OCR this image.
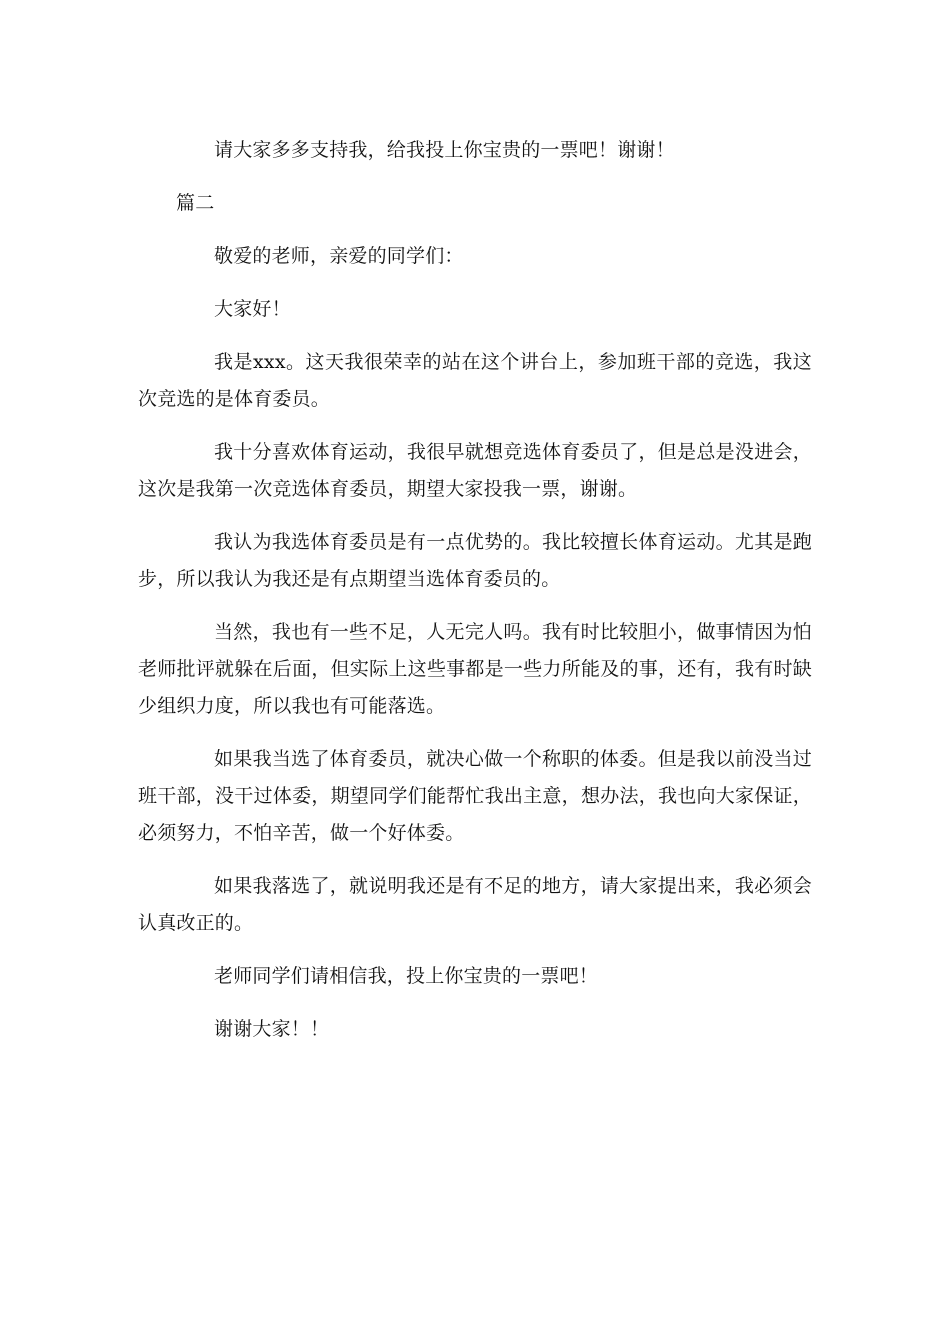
请大家多多支持我，给我投上你宝贵的一票吧！谢谢！

篇二

敬爱的老师，亲爱的同学们：

大家好！

我是xxx。这天我很荣幸的站在这个讲台上，参加班干部的竞选，我这次竞选的是体育委员。

我十分喜欢体育运动，我很早就想竞选体育委员了，但是总是没进会，这次是我第一次竞选体育委员，期望大家投我一票，谢谢。

我认为我选体育委员是有一点优势的。我比较擅长体育运动。尤其是跑步，所以我认为我还是有点期望当选体育委员的。

当然，我也有一些不足，人无完人吗。我有时比较胆小，做事情因为怕老师批评就躲在后面，但实际上这些事都是一些力所能及的事，还有，我有时缺少组织力度，所以我也有可能落选。

如果我当选了体育委员，就决心做一个称职的体委。但是我以前没当过班干部，没干过体委，期望同学们能帮忙我出主意，想办法，我也向大家保证，必须努力，不怕辛苦，做一个好体委。

如果我落选了，就说明我还是有不足的地方，请大家提出来，我必须会认真改正的。

老师同学们请相信我，投上你宝贵的一票吧！

谢谢大家！！
